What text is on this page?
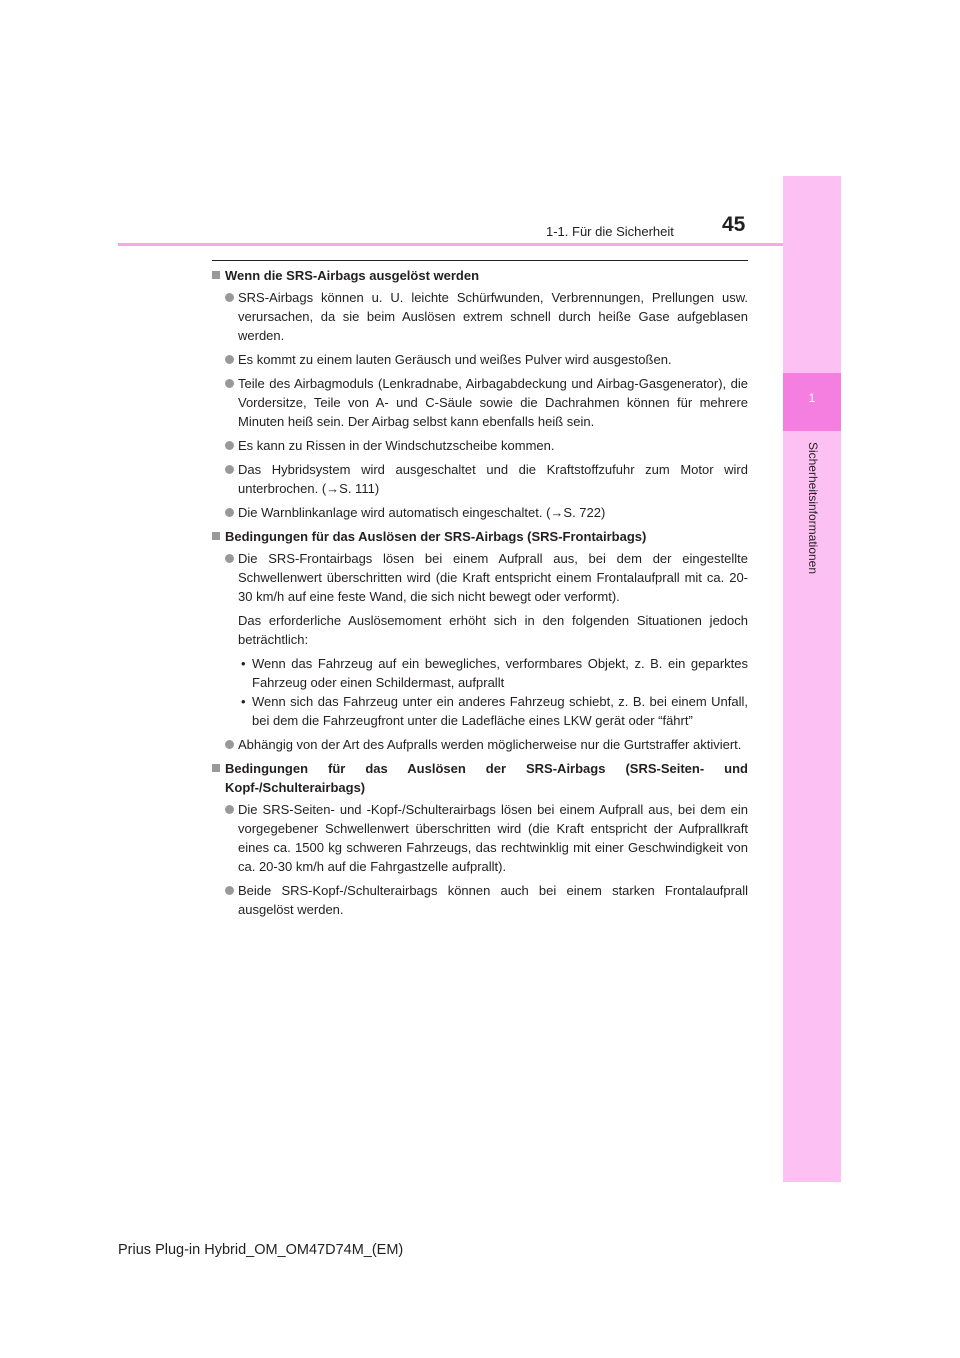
1
Sicherheitsinformationen
1-1. Für die Sicherheit 45
Wenn die SRS-Airbags ausgelöst werden
SRS-Airbags können u. U. leichte Schürfwunden, Verbrennungen, Prellungen usw. verursachen, da sie beim Auslösen extrem schnell durch heiße Gase aufgeblasen werden.
Es kommt zu einem lauten Geräusch und weißes Pulver wird ausgestoßen.
Teile des Airbagmoduls (Lenkradnabe, Airbagabdeckung und Airbag-Gasgenerator), die Vordersitze, Teile von A- und C-Säule sowie die Dachrahmen können für mehrere Minuten heiß sein. Der Airbag selbst kann ebenfalls heiß sein.
Es kann zu Rissen in der Windschutzscheibe kommen.
Das Hybridsystem wird ausgeschaltet und die Kraftstoffzufuhr zum Motor wird unterbrochen. (→S. 111)
Die Warnblinkanlage wird automatisch eingeschaltet. (→S. 722)
Bedingungen für das Auslösen der SRS-Airbags (SRS-Frontairbags)
Die SRS-Frontairbags lösen bei einem Aufprall aus, bei dem der eingestellte Schwellenwert überschritten wird (die Kraft entspricht einem Frontalaufprall mit ca. 20-30 km/h auf eine feste Wand, die sich nicht bewegt oder verformt).
Das erforderliche Auslösemoment erhöht sich in den folgenden Situationen jedoch beträchtlich:
• Wenn das Fahrzeug auf ein bewegliches, verformbares Objekt, z. B. ein geparktes Fahrzeug oder einen Schildermast, aufprallt
• Wenn sich das Fahrzeug unter ein anderes Fahrzeug schiebt, z. B. bei einem Unfall, bei dem die Fahrzeugfront unter die Ladefläche eines LKW gerät oder “fährt”
Abhängig von der Art des Aufpralls werden möglicherweise nur die Gurtstraffer aktiviert.
Bedingungen für das Auslösen der SRS-Airbags (SRS-Seiten- und Kopf-/Schulterairbags)
Die SRS-Seiten- und -Kopf-/Schulterairbags lösen bei einem Aufprall aus, bei dem ein vorgegebener Schwellenwert überschritten wird (die Kraft entspricht der Aufprallkraft eines ca. 1500 kg schweren Fahrzeugs, das rechtwinklig mit einer Geschwindigkeit von ca. 20-30 km/h auf die Fahrgastzelle aufprallt).
Beide SRS-Kopf-/Schulterairbags können auch bei einem starken Frontalaufprall ausgelöst werden.
Prius Plug-in Hybrid_OM_OM47D74M_(EM)
